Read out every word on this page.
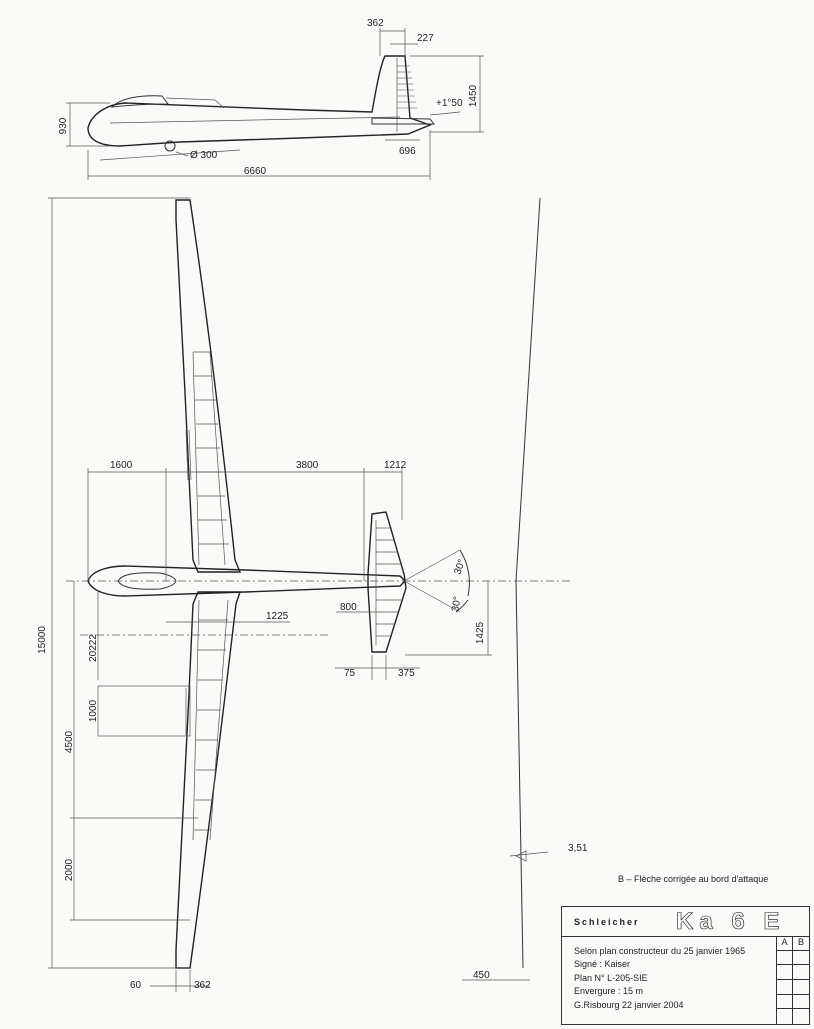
362
227
930
+1°50 1450
Ø 300	696
6660
30°
30°
1600	3800	1212
1225
800
1425
75	375
15000
4500
2000
20222
1000
60	362
3,51
450
B – Flèche corrigée au bord d'attaque
Schleicher	Ka 6 E
Selon plan constructeur du 25 janvier 1965
Signé : Kaiser
Plan N° L-205-SIE
Envergure : 15 m
G.Risbourg 22 janvier 2004
A	B
